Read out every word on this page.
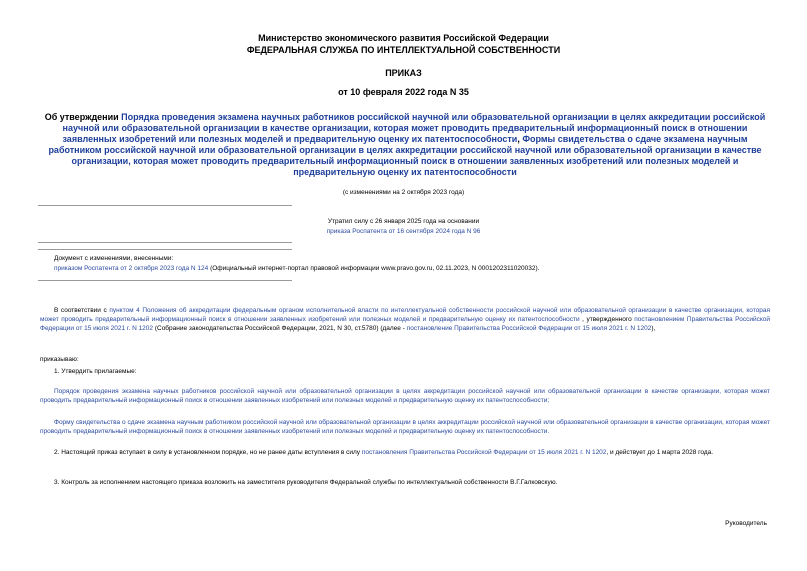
Министерство экономического развития Российской Федерации
ФЕДЕРАЛЬНАЯ СЛУЖБА ПО ИНТЕЛЛЕКТУАЛЬНОЙ СОБСТВЕННОСТИ
ПРИКАЗ
от 10 февраля 2022 года N 35
Об утверждении Порядка проведения экзамена научных работников российской научной или образовательной организации в целях аккредитации российской научной или образовательной организации в качестве организации, которая может проводить предварительный информационный поиск в отношении заявленных изобретений или полезных моделей и предварительную оценку их патентоспособности, Формы свидетельства о сдаче экзамена научным работником российской научной или образовательной организации в целях аккредитации российской научной или образовательной организации в качестве организации, которая может проводить предварительный информационный поиск в отношении заявленных изобретений или полезных моделей и предварительную оценку их патентоспособности
(с изменениями на 2 октября 2023 года)
Утратил силу с 26 января 2025 года на основании
приказа Роспатента от 16 сентября 2024 года N 96
Документ с изменениями, внесенными:
приказом Роспатента от 2 октября 2023 года N 124 (Официальный интернет-портал правовой информации www.pravo.gov.ru, 02.11.2023, N 0001202311020032).
В соответствии с пунктом 4 Положения об аккредитации федеральным органом исполнительной власти по интеллектуальной собственности российской научной или образовательной организации в качестве организации, которая может проводить предварительный информационный поиск в отношении заявленных изобретений или полезных моделей и предварительную оценку их патентоспособности , утвержденного постановлением Правительства Российской Федерации от 15 июля 2021 г. N 1202 (Собрание законодательства Российской Федерации, 2021, N 30, ст.5780) (далее - постановление Правительства Российской Федерации от 15 июля 2021 г. N 1202),
приказываю:
1. Утвердить прилагаемые:
Порядок проведения экзамена научных работников российской научной или образовательной организации в целях аккредитации российской научной или образовательной организации в качестве организации, которая может проводить предварительный информационный поиск в отношении заявленных изобретений или полезных моделей и предварительную оценку их патентоспособности;
Форму свидетельства о сдаче экзамена научным работником российской научной или образовательной организации в целях аккредитации российской научной или образовательной организации в качестве организации, которая может проводить предварительный информационный поиск в отношении заявленных изобретений или полезных моделей и предварительную оценку их патентоспособности.
2. Настоящий приказ вступает в силу в установленном порядке, но не ранее даты вступления в силу постановления Правительства Российской Федерации от 15 июля 2021 г. N 1202, и действует до 1 марта 2028 года.
3. Контроль за исполнением настоящего приказа возложить на заместителя руководителя Федеральной службы по интеллектуальной собственности В.Г.Галковскую.
Руководитель
